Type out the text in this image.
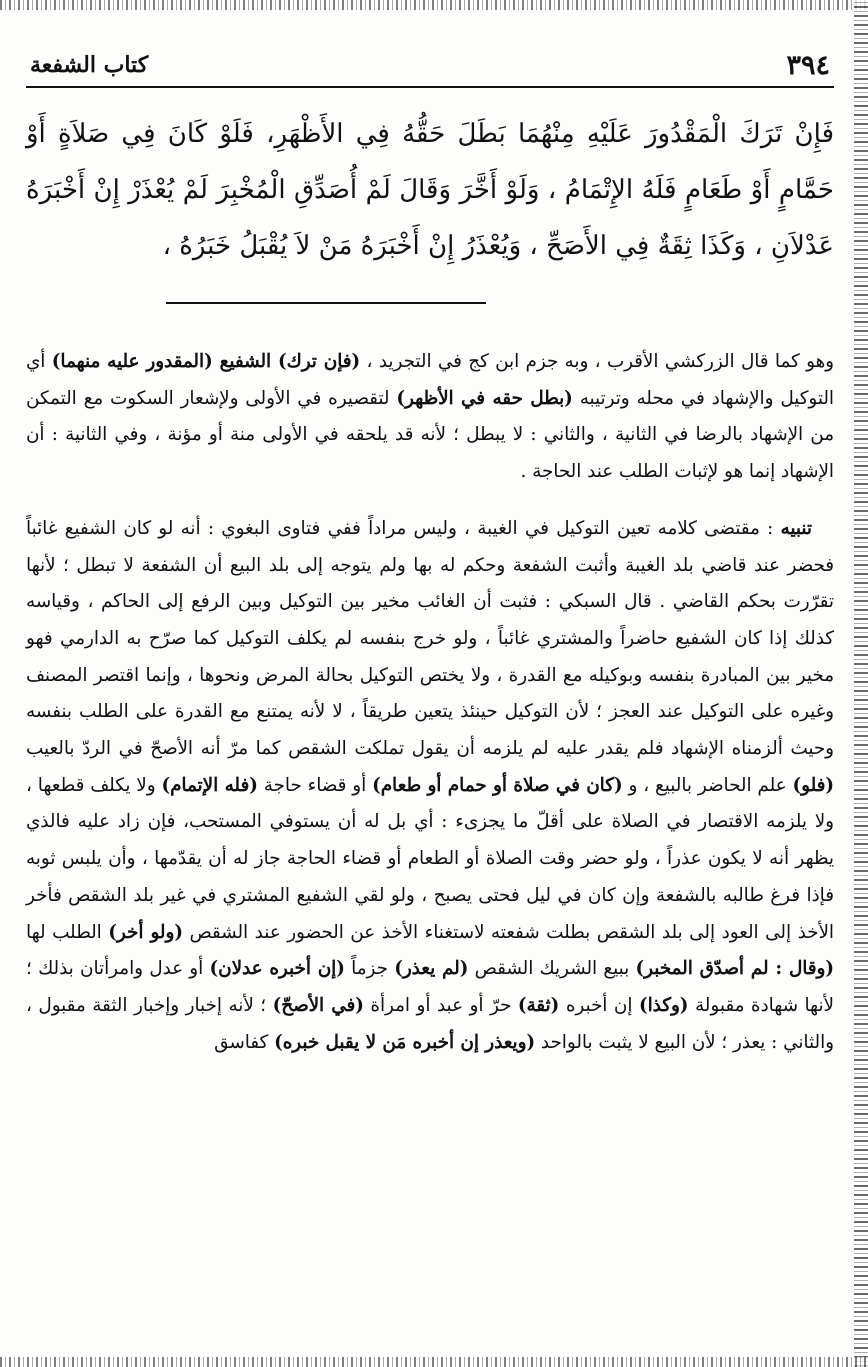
٣٩٤
كتاب الشفعة

فَإِنْ تَرَكَ الْمَقْدُورَ عَلَيْهِ مِنْهُمَا بَطَلَ حَقُّهُ فِي الأَظْهَرِ، فَلَوْ كَانَ فِي صَلاَةٍ أَوْ حَمَّامٍ أَوْ طَعَامٍ فَلَهُ الإِتْمَامُ ، وَلَوْ أَخَّرَ وَقَالَ لَمْ أُصَدِّقِ الْمُخْبِرَ لَمْ يُعْذَرْ إِنْ أَخْبَرَهُ عَدْلاَنِ ، وَكَذَا ثِقَةٌ فِي الأَصَحِّ ، وَيُعْذَرُ إِنْ أَخْبَرَهُ مَنْ لاَ يُقْبَلُ خَبَرُهُ ،

وهو كما قال الزركشي الأقرب ، وبه جزم ابن كج في التجريد ، (فإن ترك) الشفيع (المقدور عليه منهما) أي التوكيل والإشهاد في محله وترتيبه (بطل حقه في الأظهر) لتقصيره في الأولى ولإشعار السكوت مع التمكن من الإشهاد بالرضا في الثانية ، والثاني : لا يبطل ؛ لأنه قد يلحقه في الأولى منة أو مؤنة ، وفي الثانية : أن الإشهاد إنما هو لإثبات الطلب عند الحاجة .

تنبيه : مقتضى كلامه تعين التوكيل في الغيبة ، وليس مراداً ففي فتاوى البغوي : أنه لو كان الشفيع غائباً فحضر عند قاضي بلد الغيبة وأثبت الشفعة وحكم له بها ولم يتوجه إلى بلد البيع أن الشفعة لا تبطل ؛ لأنها تقرّرت بحكم القاضي . قال السبكي : فثبت أن الغائب مخير بين التوكيل وبين الرفع إلى الحاكم ، وقياسه كذلك إذا كان الشفيع حاضراً والمشتري غائباً ، ولو خرج بنفسه لم يكلف التوكيل كما صرّح به الدارمي فهو مخير بين المبادرة بنفسه وبوكيله مع القدرة ، ولا يختص التوكيل بحالة المرض ونحوها ، وإنما اقتصر المصنف وغيره على التوكيل عند العجز ؛ لأن التوكيل حينئذ يتعين طريقاً ، لا لأنه يمتنع مع القدرة على الطلب بنفسه وحيث ألزمناه الإشهاد فلم يقدر عليه لم يلزمه أن يقول تملكت الشقص كما مرّ أنه الأصحّ في الردّ بالعيب (فلو) علم الحاضر بالبيع ، و (كان في صلاة أو حمام أو طعام) أو قضاء حاجة (فله الإتمام) ولا يكلف قطعها ، ولا يلزمه الاقتصار في الصلاة على أقلّ ما يجزىء : أي بل له أن يستوفي المستحب، فإن زاد عليه فالذي يظهر أنه لا يكون عذراً ، ولو حضر وقت الصلاة أو الطعام أو قضاء الحاجة جاز له أن يقدّمها ، وأن يلبس ثوبه فإذا فرغ طالبه بالشفعة وإن كان في ليل فحتى يصبح ، ولو لقي الشفيع المشتري في غير بلد الشقص فأخر الأخذ إلى العود إلى بلد الشقص بطلت شفعته لاستغناء الأخذ عن الحضور عند الشقص (ولو أخر) الطلب لها (وقال : لم أصدّق المخبر) ببيع الشريك الشقص (لم يعذر) جزماً (إن أخبره عدلان) أو عدل وامرأتان بذلك ؛ لأنها شهادة مقبولة (وكذا) إن أخبره (ثقة) حرّ أو عبد أو امرأة (في الأصحّ) ؛ لأنه إخبار وإخبار الثقة مقبول ، والثاني : يعذر ؛ لأن البيع لا يثبت بالواحد (ويعذر إن أخبره مَن لا يقبل خبره) كفاسق
